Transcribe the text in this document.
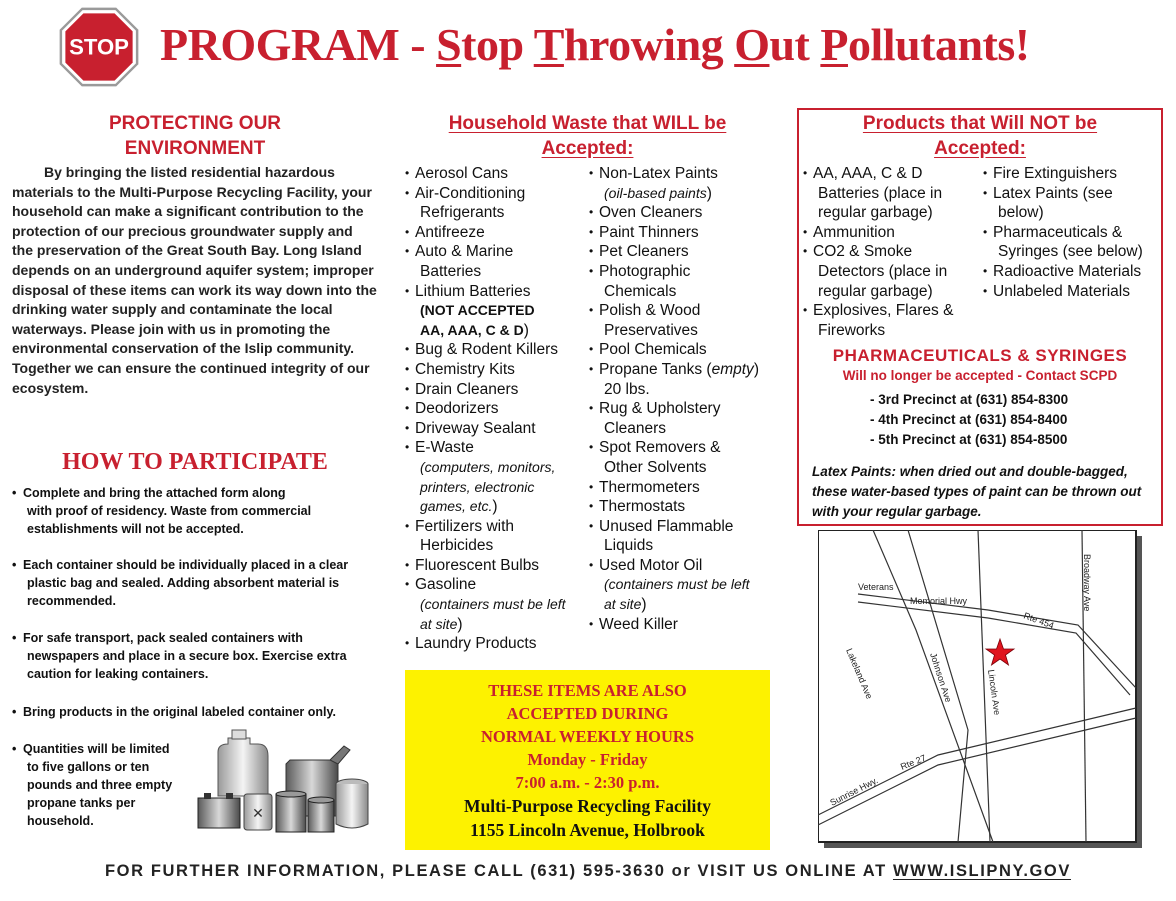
STOP PROGRAM - Stop Throwing Out Pollutants!
PROTECTING OUR
ENVIRONMENT

By bringing the listed residential hazardous materials to the Multi-Purpose Recycling Facility, your household can make a significant contribution to the protection of our precious groundwater supply and the preservation of the Great South Bay. Long Island depends on an underground aquifer system; improper disposal of these items can work its way down into the drinking water supply and contaminate the local waterways. Please join with us in promoting the environmental conservation of the Islip community. Together we can ensure the continued integrity of our ecosystem.

HOW TO PARTICIPATE
• Complete and bring the attached form along
with proof of residency. Waste from commercial
establishments will not be accepted.
• Each container should be individually placed in a clear
plastic bag and sealed. Adding absorbent material is
recommended.
• For safe transport, pack sealed containers with
newspapers and place in a secure box. Exercise extra
caution for leaking containers.
• Bring products in the original labeled container only.
• Quantities will be limited
to five gallons or ten
pounds and three empty
propane tanks per
household.	✕
Household Waste that WILL be
Accepted:
• Aerosol Cans
• Air-Conditioning
Refrigerants
• Antifreeze
• Auto & Marine
Batteries
• Lithium Batteries
(NOT ACCEPTED
AA, AAA, C & D)
• Bug & Rodent Killers
• Chemistry Kits
• Drain Cleaners
• Deodorizers
• Driveway Sealant
• E-Waste
(computers, monitors,
printers, electronic
games, etc.)
• Fertilizers with
Herbicides
• Fluorescent Bulbs
• Gasoline
(containers must be left
at site)
• Laundry Products
• Non-Latex Paints
(oil-based paints)
• Oven Cleaners
• Paint Thinners
• Pet Cleaners
• Photographic
Chemicals
• Polish & Wood
Preservatives
• Pool Chemicals
• Propane Tanks (empty)
20 lbs.
• Rug & Upholstery
Cleaners
• Spot Removers &
Other Solvents
• Thermometers
• Thermostats
• Unused Flammable
Liquids
• Used Motor Oil
(containers must be left
at site)
• Weed Killer
THESE ITEMS ARE ALSO
ACCEPTED DURING
NORMAL WEEKLY HOURS
Monday - Friday
7:00 a.m. - 2:30 p.m.
Multi-Purpose Recycling Facility
1155 Lincoln Avenue, Holbrook
Products that Will NOT be
Accepted:
• AA, AAA, C & D
Batteries (place in
regular garbage)
• Ammunition
• CO2 & Smoke
Detectors (place in
regular garbage)
• Explosives, Flares &
Fireworks
• Fire Extinguishers
• Latex Paints (see
below)
• Pharmaceuticals &
Syringes (see below)
• Radioactive Materials
• Unlabeled Materials
PHARMACEUTICALS & SYRINGES
Will no longer be accepted - Contact SCPD
- 3rd Precinct at (631) 854-8300
- 4th Precinct at (631) 854-8400
- 5th Precinct at (631) 854-8500

Latex Paints: when dried out and double-bagged, these water-based types of paint can be thrown out with your regular garbage.

Veterans
Memorial Hwy
Rte 454
Broadway Ave
Lakeland Ave	Johnson Ave	Lincoln Ave
Sunrise Hwy.
Rte 27
FOR FURTHER INFORMATION, PLEASE CALL (631) 595-3630 or VISIT US ONLINE AT WWW.ISLIPNY.GOV
